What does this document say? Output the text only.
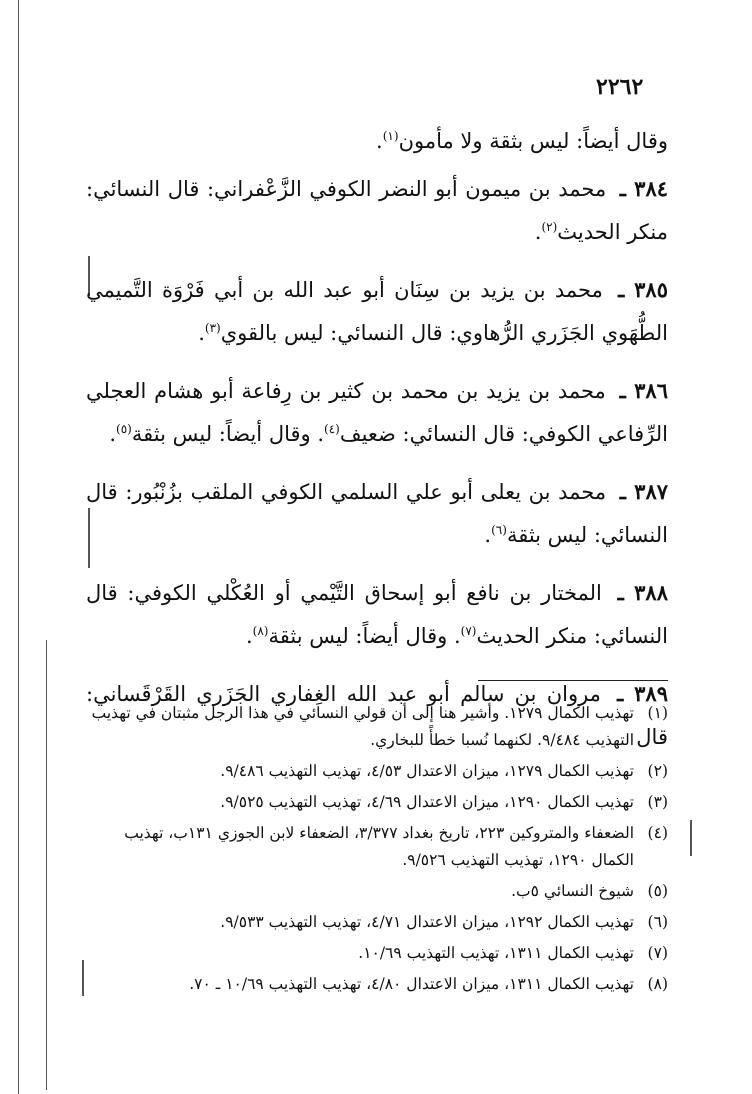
٢٢٦٢

وقال أيضاً: ليس بثقة ولا مأمون$^{(١)}$.

٣٨٤ ـ محمد بن ميمون أبو النضر الكوفي الزَّعْفراني: قال النسائي: منكر الحديث$^{(٢)}$.

٣٨٥ ـ محمد بن يزيد بن سِنَان أبو عبد الله بن أبي فَرْوَة التَّميمي الطُّهَوي الجَزَري الرُّهاوي: قال النسائي: ليس بالقوي$^{(٣)}$.

٣٨٦ ـ محمد بن يزيد بن محمد بن كثير بن رِفاعة أبو هشام العجلي الرِّفاعي الكوفي: قال النسائي: ضعيف$^{(٤)}$. وقال أيضاً: ليس بثقة$^{(٥)}$.

٣٨٧ ـ محمد بن يعلى أبو علي السلمي الكوفي الملقب بزُنْبُور: قال النسائي: ليس بثقة$^{(٦)}$.

٣٨٨ ـ المختار بن نافع أبو إسحاق التَّيْمي أو العُكْلي الكوفي: قال النسائي: منكر الحديث$^{(٧)}$. وقال أيضاً: ليس بثقة$^{(٨)}$.

٣٨٩ ـ مروان بن سالم أبو عبد الله الغِفاري الجَزَري القَرْقَساني: قال

(١)
تهذيب الكمال ١٢٧٩. وأشير هنا إلى أن قولي النسائي في هذا الرجل مثبتان في تهذيب التهذيب ٩/٤٨٤. لكنهما نُسبا خطأً للبخاري.
(٢)
تهذيب الكمال ١٢٧٩، ميزان الاعتدال ٤/٥٣، تهذيب التهذيب ٩/٤٨٦.
(٣)
تهذيب الكمال ١٢٩٠، ميزان الاعتدال ٤/٦٩، تهذيب التهذيب ٩/٥٢٥.
(٤)
الضعفاء والمتروكين ٢٢٣، تاريخ بغداد ٣/٣٧٧، الضعفاء لابن الجوزي ١٣١ب، تهذيب الكمال ١٢٩٠، تهذيب التهذيب ٩/٥٢٦.
(٥)
شيوخ النسائي ٥ب.
(٦)
تهذيب الكمال ١٢٩٢، ميزان الاعتدال ٤/٧١، تهذيب التهذيب ٩/٥٣٣.
(٧)
تهذيب الكمال ١٣١١، تهذيب التهذيب ١٠/٦٩.
(٨)
تهذيب الكمال ١٣١١، ميزان الاعتدال ٤/٨٠، تهذيب التهذيب ١٠/٦٩ ـ ٧٠.
